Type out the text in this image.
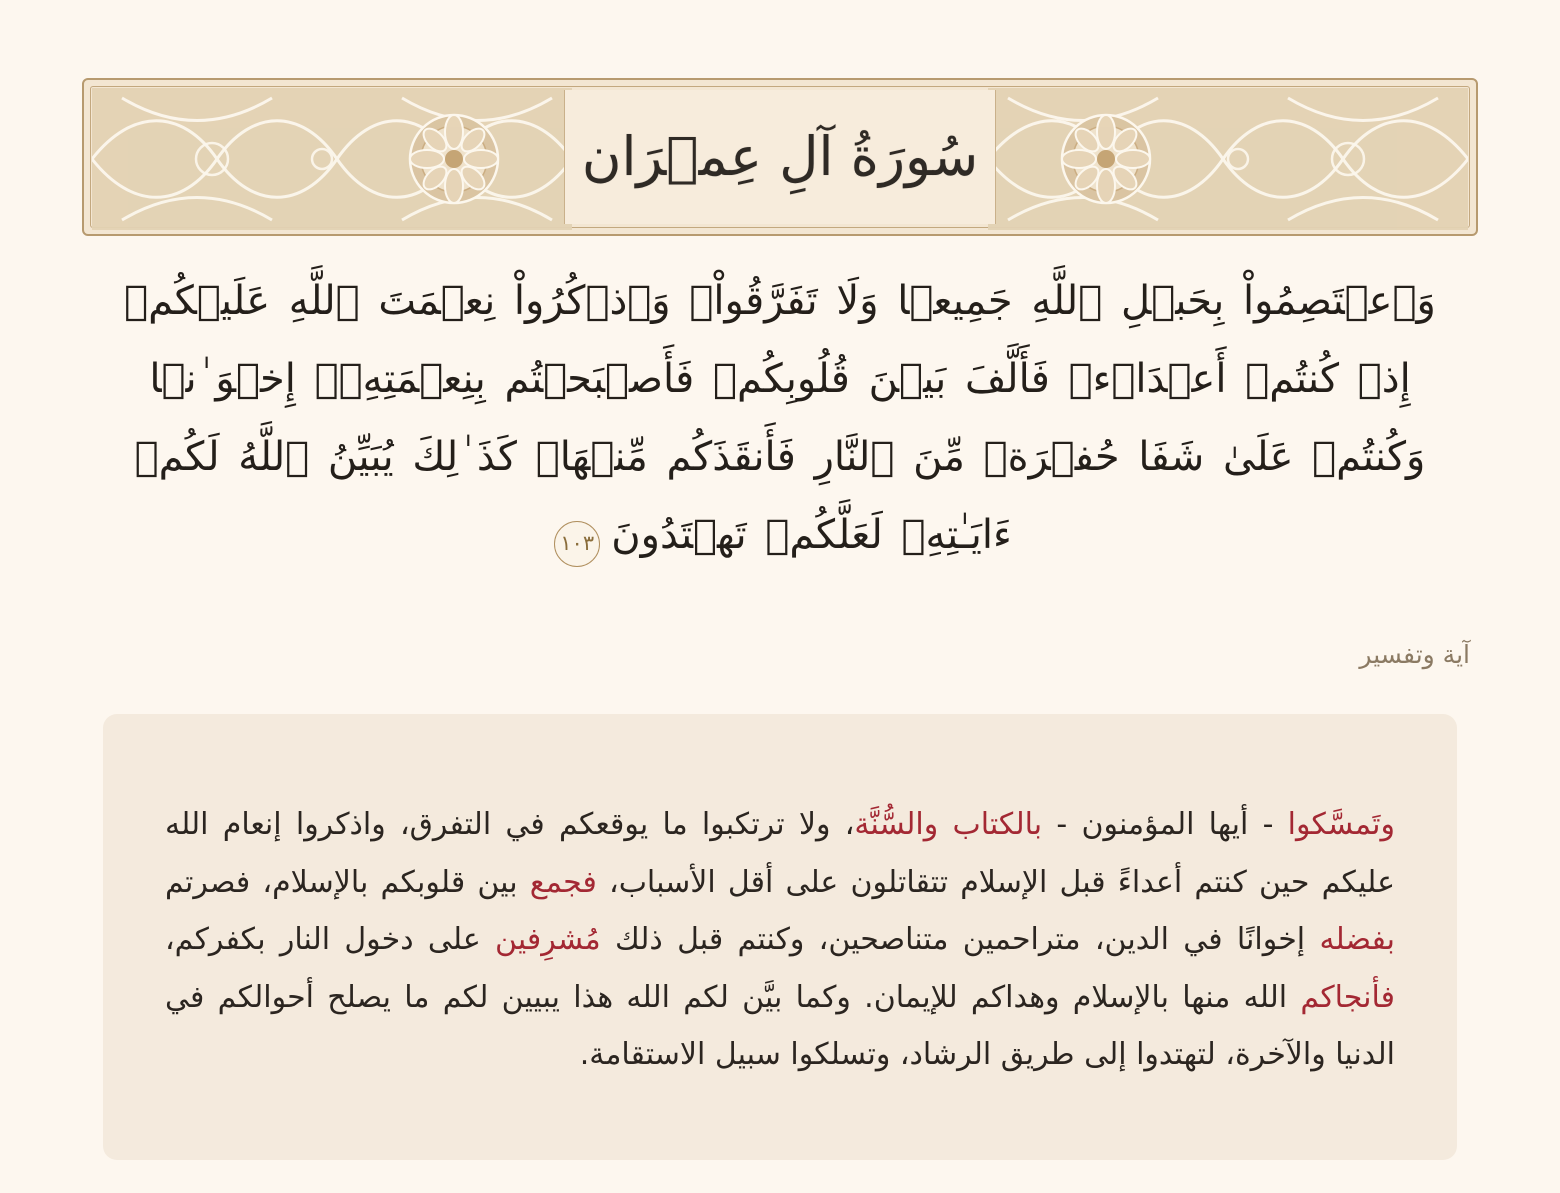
سُورَةُ آلِ عِمۡرَان
وَٱعۡتَصِمُواْ بِحَبۡلِ ٱللَّهِ جَمِيعࣰا وَلَا تَفَرَّقُواْۚ وَٱذۡكُرُواْ نِعۡمَتَ ٱللَّهِ عَلَيۡكُمۡ إِذۡ كُنتُمۡ أَعۡدَاۤءࣰ فَأَلَّفَ بَيۡنَ قُلُوبِكُمۡ فَأَصۡبَحۡتُم بِنِعۡمَتِهِۦۤ إِخۡوَ ٰنࣰا وَكُنتُمۡ عَلَىٰ شَفَا حُفۡرَةࣲ مِّنَ ٱلنَّارِ فَأَنقَذَكُم مِّنۡهَاۗ كَذَ ٰلِكَ يُبَيِّنُ ٱللَّهُ لَكُمۡ ءَايَـٰتِهِۦ لَعَلَّكُمۡ تَهۡتَدُونَ ١٠٣
آية وتفسير

وتَمسَّكوا - أيها المؤمنون - بالكتاب والسُّنَّة، ولا ترتكبوا ما يوقعكم في التفرق، واذكروا إنعام الله عليكم حين كنتم أعداءً قبل الإسلام تتقاتلون على أقل الأسباب، فجمع بين قلوبكم بالإسلام، فصرتم بفضله إخوانًا في الدين، متراحمين متناصحين، وكنتم قبل ذلك مُشرِفين على دخول النار بكفركم، فأنجاكم الله منها بالإسلام وهداكم للإيمان. وكما بيَّن لكم الله هذا يبيين لكم ما يصلح أحوالكم في الدنيا والآخرة، لتهتدوا إلى طريق الرشاد، وتسلكوا سبيل الاستقامة.
